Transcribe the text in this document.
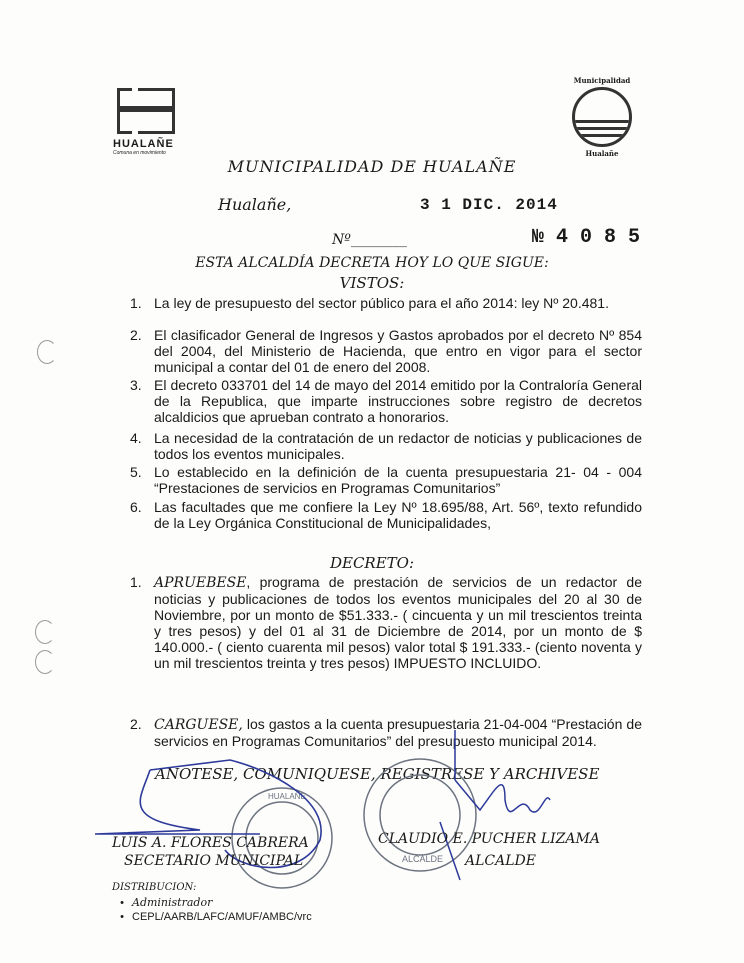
HUALAÑE
Comuna en movimiento
Municipalidad
Hualañe
MUNICIPALIDAD DE HUALAÑE
Hualañe,	3 1 DIC. 2014
Nº________	№ 4 0 8 5
ESTA ALCALDÍA DECRETA HOY LO QUE SIGUE:
VISTOS:
1. La ley de presupuesto del sector público para el año 2014: ley Nº 20.481.
2. El clasificador General de Ingresos y Gastos aprobados por el decreto Nº 854 del 2004, del Ministerio de Hacienda, que entro en vigor para el sector municipal a contar del 01 de enero del 2008.
3. El decreto 033701 del 14 de mayo del 2014 emitido por la Contraloría General de la Republica, que imparte instrucciones sobre registro de decretos alcaldicios que aprueban contrato a honorarios.
4. La necesidad de la contratación de un redactor de noticias y publicaciones de todos los eventos municipales.
5. Lo establecido en la definición de la cuenta presupuestaria 21- 04 - 004 “Prestaciones de servicios en Programas Comunitarios”
6. Las facultades que me confiere la Ley Nº 18.695/88, Art. 56º, texto refundido de la Ley Orgánica Constitucional de Municipalidades,
DECRETO:
1. APRUEBESE, programa de prestación de servicios de un redactor de noticias y publicaciones de todos los eventos municipales del 20 al 30 de Noviembre, por un monto de $51.333.- ( cincuenta y un mil trescientos treinta y tres pesos) y del 01 al 31 de Diciembre de 2014, por un monto de $ 140.000.- ( ciento cuarenta mil pesos) valor total $ 191.333.- (ciento noventa y un mil trescientos treinta y tres pesos) IMPUESTO INCLUIDO.
2. CARGUESE, los gastos a la cuenta presupuestaria 21-04-004 “Prestación de servicios en Programas Comunitarios” del presupuesto municipal 2014.
ANOTESE, COMUNIQUESE, REGISTRESE Y ARCHIVESE
HUALAÑE
ALCALDE
LUIS A. FLORES CABRERA
SECETARIO MUNICIPAL
CLAUDIO E. PUCHER LIZAMA
ALCALDE
DISTRIBUCION:
• Administrador
• CEPL/AARB/LAFC/AMUF/AMBC/vrc
